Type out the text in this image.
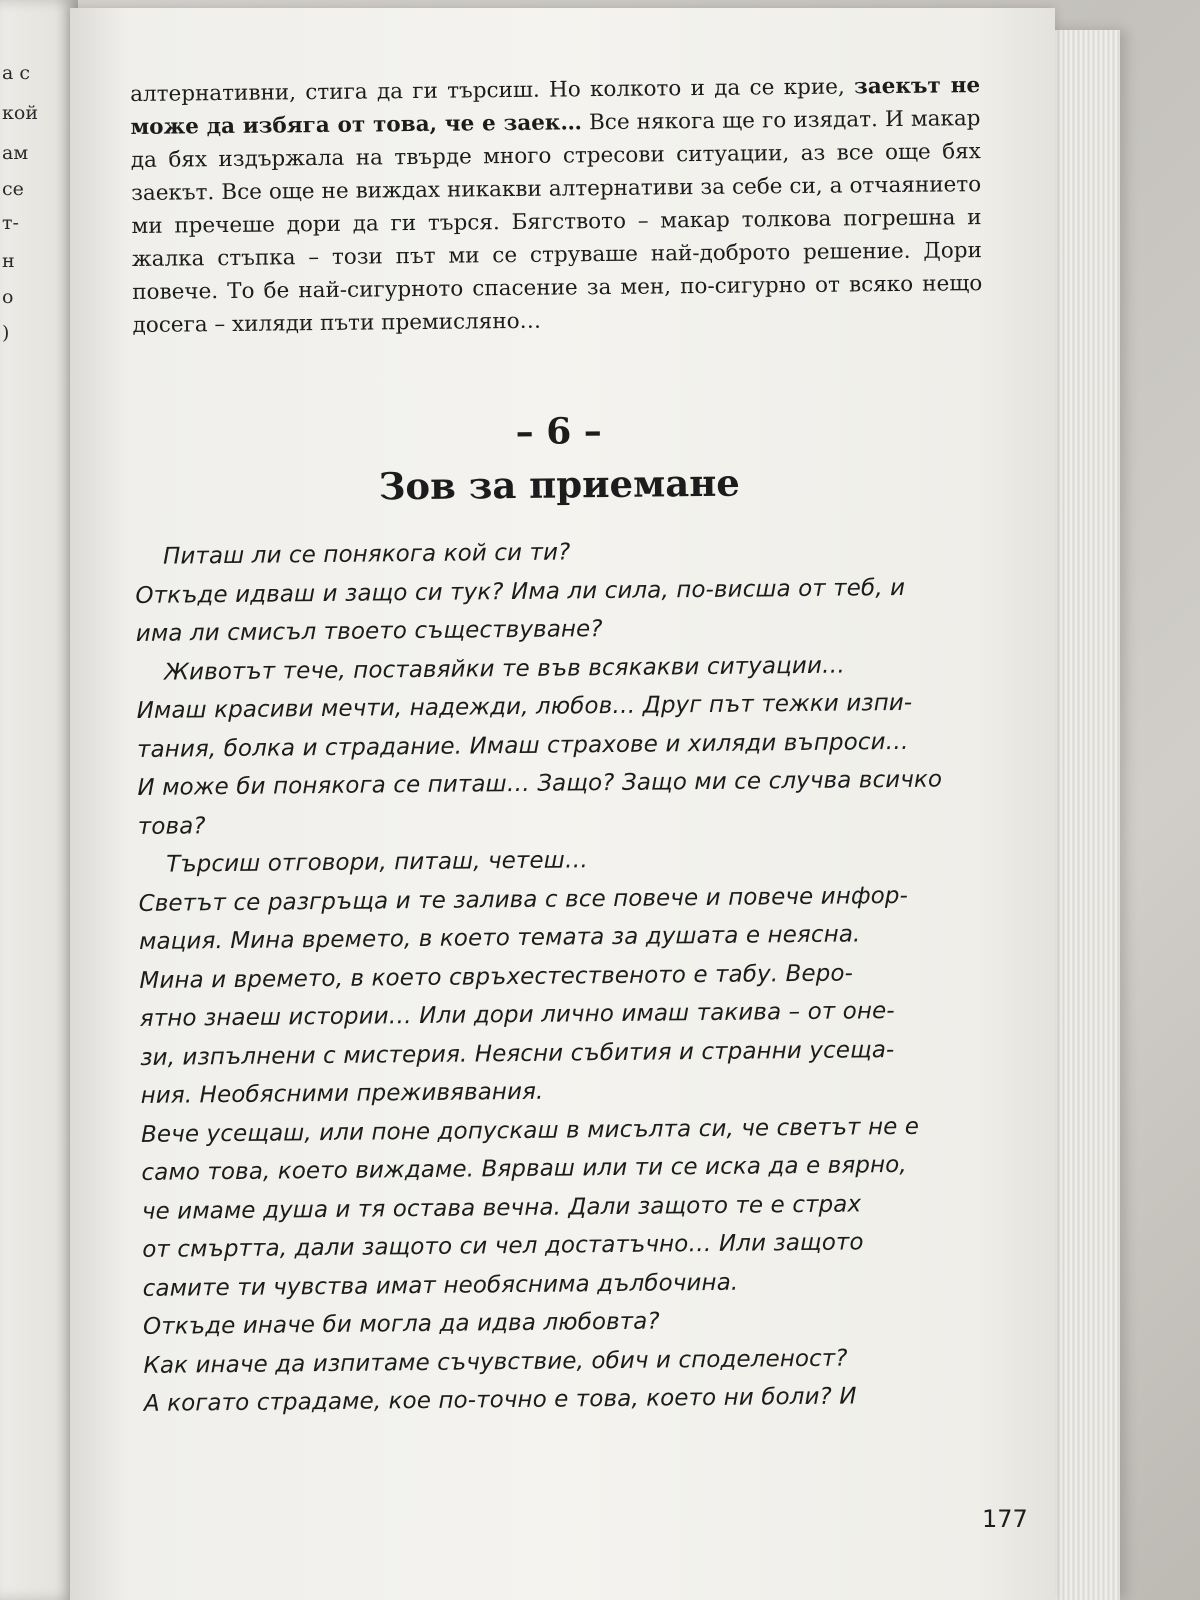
a c
кой
ам
се
т-
н
о
)

алтернативни, стига да ги търсиш. Но колкото и да се крие, заекът не може да избяга от това, че е заек… Все някога ще го изядат. И макар да бях издържала на твърде много стресови ситуации, аз все още бях заекът. Все още не виждах никакви алтернативи за себе си, а отчаянието ми пречеше дори да ги търся. Бягството – макар толкова погрешна и жалка стъпка – този път ми се струваше най-доброто решение. Дори повече. То бе най-сигурното спасение за мен, по-сигурно от всяко нещо досега – хиляди пъти премисляно…

– 6 –
Зов за приемане

Питаш ли се понякога кой си ти?

Откъде идваш и защо си тук? Има ли сила, по-висша от теб, и

има ли смисъл твоето съществуване?

Животът тече, поставяйки те във всякакви ситуации…

Имаш красиви мечти, надежди, любов… Друг път тежки изпи-

тания, болка и страдание. Имаш страхове и хиляди въпроси…

И може би понякога се питаш… Защо? Защо ми се случва всичко

това?

Търсиш отговори, питаш, четеш…

Светът се разгръща и те залива с все повече и повече инфор-

мация. Мина времето, в което темата за душата е неясна.

Мина и времето, в което свръхестественото е табу. Веро-

ятно знаеш истории… Или дори лично имаш такива – от оне-

зи, изпълнени с мистерия. Неясни събития и странни усеща-

ния. Необясними преживявания.

Вече усещаш, или поне допускаш в мисълта си, че светът не е

само това, което виждаме. Вярваш или ти се иска да е вярно,

че имаме душа и тя остава вечна. Дали защото те е страх

от смъртта, дали защото си чел достатъчно… Или защото

самите ти чувства имат необяснима дълбочина.

Откъде иначе би могла да идва любовта?

Как иначе да изпитаме съчувствие, обич и споделеност?

А когато страдаме, кое по-точно е това, което ни боли? И

177
